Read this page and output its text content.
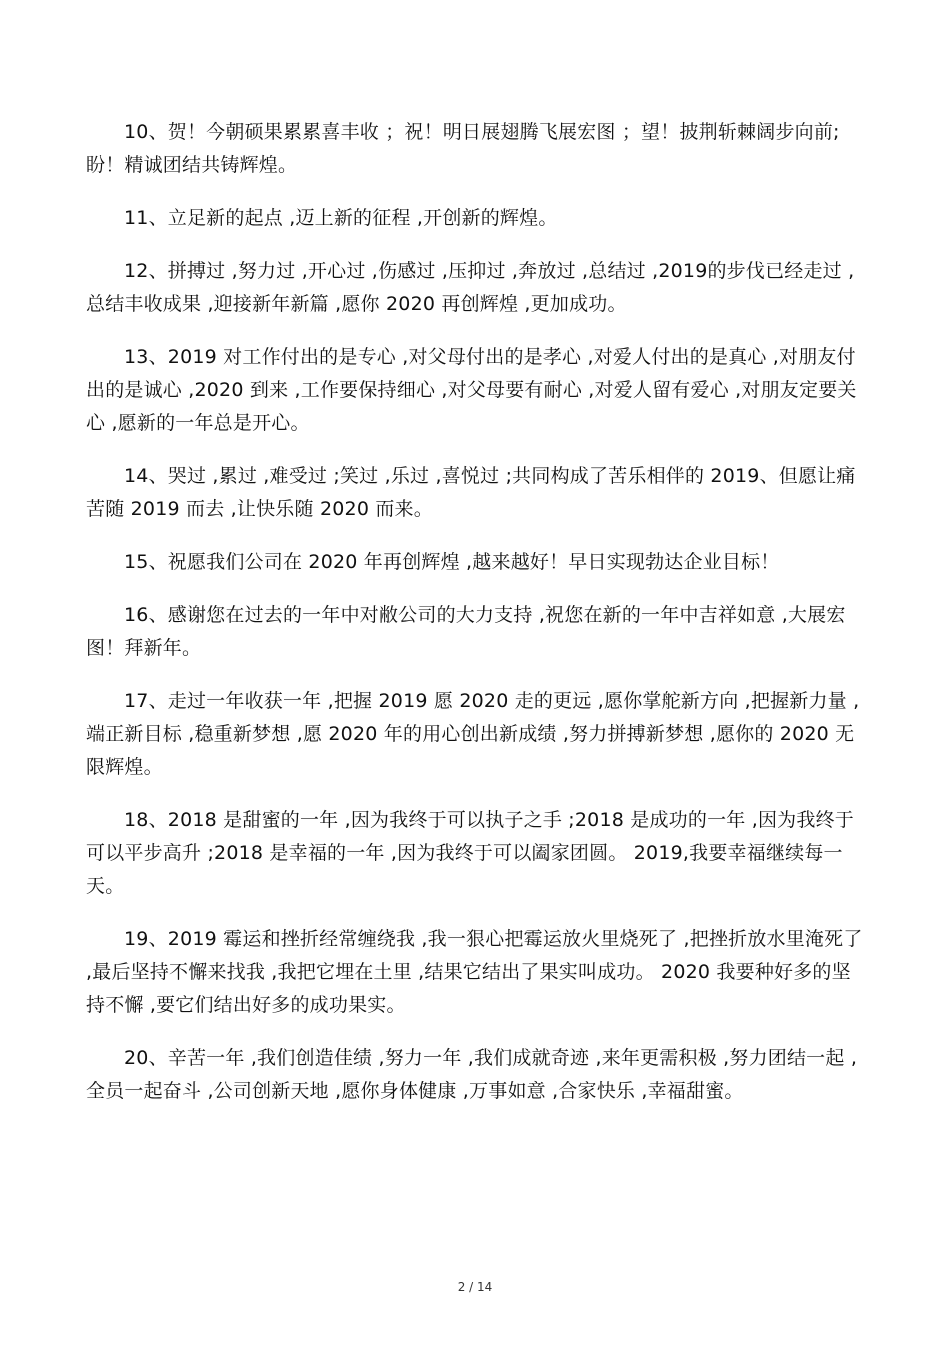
10、贺！今朝硕果累累喜丰收 ；祝！明日展翅腾飞展宏图 ；望！披荆斩棘阔步向前;盼！精诚团结共铸辉煌。

11、立足新的起点 ,迈上新的征程 ,开创新的辉煌。

12、拼搏过 ,努力过 ,开心过 ,伤感过 ,压抑过 ,奔放过 ,总结过 ,2019的步伐已经走过 ,总结丰收成果 ,迎接新年新篇 ,愿你 2020 再创辉煌 ,更加成功。

13、2019 对工作付出的是专心 ,对父母付出的是孝心 ,对爱人付出的是真心 ,对朋友付出的是诚心 ,2020 到来 ,工作要保持细心 ,对父母要有耐心 ,对爱人留有爱心 ,对朋友定要关心 ,愿新的一年总是开心。

14、哭过 ,累过 ,难受过 ;笑过 ,乐过 ,喜悦过 ;共同构成了苦乐相伴的 2019、但愿让痛苦随 2019 而去 ,让快乐随 2020 而来。

15、祝愿我们公司在 2020 年再创辉煌 ,越来越好！早日实现勃达企业目标！

16、感谢您在过去的一年中对敝公司的大力支持 ,祝您在新的一年中吉祥如意 ,大展宏图！拜新年。

17、走过一年收获一年 ,把握 2019 愿 2020 走的更远 ,愿你掌舵新方向 ,把握新力量 ,端正新目标 ,稳重新梦想 ,愿 2020 年的用心创出新成绩 ,努力拼搏新梦想 ,愿你的 2020 无限辉煌。

18、2018 是甜蜜的一年 ,因为我终于可以执子之手 ;2018 是成功的一年 ,因为我终于可以平步高升 ;2018 是幸福的一年 ,因为我终于可以阖家团圆。 2019,我要幸福继续每一天。

19、2019 霉运和挫折经常缠绕我 ,我一狠心把霉运放火里烧死了 ,把挫折放水里淹死了 ,最后坚持不懈来找我 ,我把它埋在土里 ,结果它结出了果实叫成功。 2020 我要种好多的坚持不懈 ,要它们结出好多的成功果实。

20、辛苦一年 ,我们创造佳绩 ,努力一年 ,我们成就奇迹 ,来年更需积极 ,努力团结一起 ,全员一起奋斗 ,公司创新天地 ,愿你身体健康 ,万事如意 ,合家快乐 ,幸福甜蜜。

2 / 14
